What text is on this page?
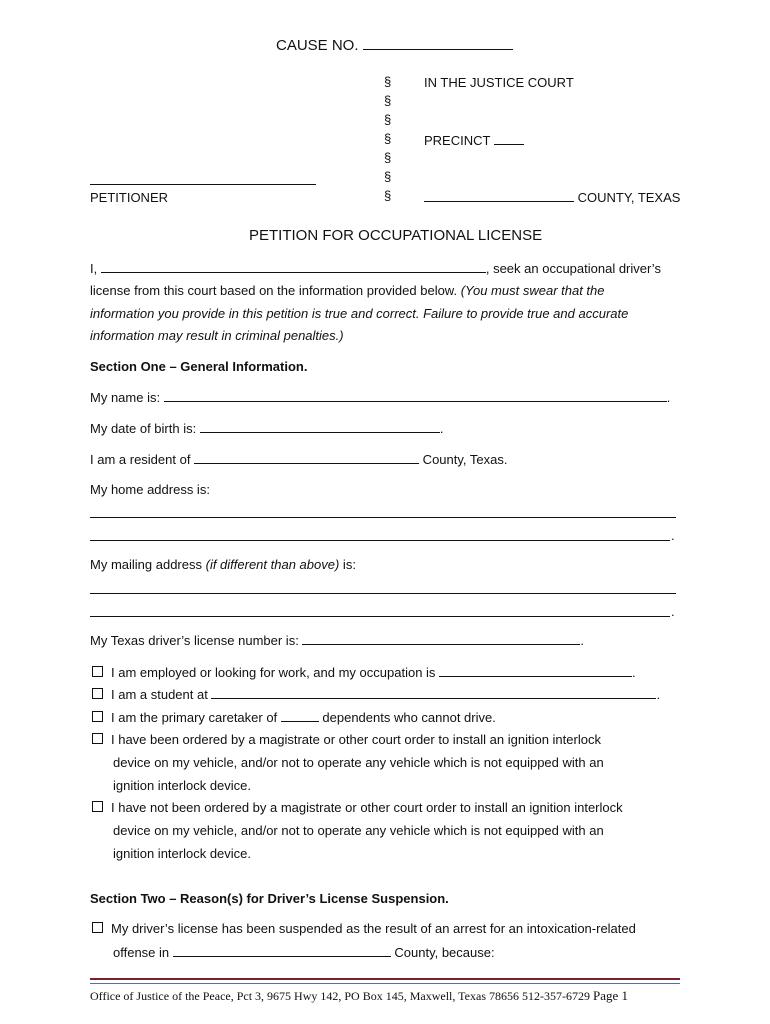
CAUSE NO.
§
§
§
§
§
§
§
IN THE JUSTICE COURT
PRECINCT
COUNTY, TEXAS
PETITIONER
PETITION FOR OCCUPATIONAL LICENSE
I,	, seek an occupational driver’s
license from this court based on the information provided below. (You must swear that the
information you provide in this petition is true and correct. Failure to provide true and accurate
information may result in criminal penalties.)
Section One – General Information.
My name is:	.
My date of birth is:	.
I am a resident of	County, Texas.
My home address is:
.
My mailing address (if different than above) is:
.
My Texas driver’s license number is:	.
I am employed or looking for work, and my occupation is	.
I am a student at	.
I am the primary caretaker of	dependents who cannot drive.
I have been ordered by a magistrate or other court order to install an ignition interlock
device on my vehicle, and/or not to operate any vehicle which is not equipped with an
ignition interlock device.
I have not been ordered by a magistrate or other court order to install an ignition interlock
device on my vehicle, and/or not to operate any vehicle which is not equipped with an
ignition interlock device.
Section Two – Reason(s) for Driver’s License Suspension.
My driver’s license has been suspended as the result of an arrest for an intoxication-related
offense in	County, because:
Office of Justice of the Peace, Pct 3, 9675 Hwy 142, PO Box 145, Maxwell, Texas 78656 512-357-6729 Page 1
